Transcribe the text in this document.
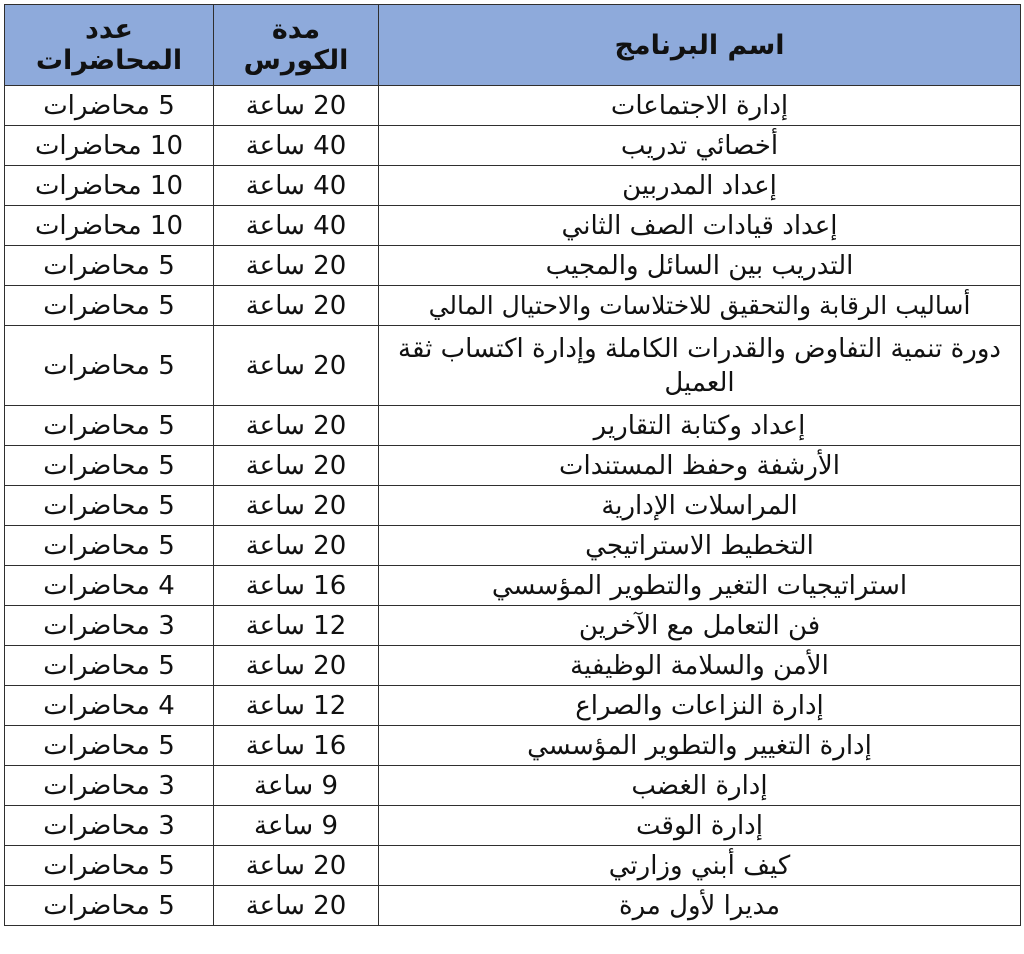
اسم البرنامج	مدة الكورس	عدد المحاضرات
إدارة الاجتماعات	20 ساعة	5 محاضرات
أخصائي تدريب	40 ساعة	10 محاضرات
إعداد المدربين	40 ساعة	10 محاضرات
إعداد قيادات الصف الثاني	40 ساعة	10 محاضرات
التدريب بين السائل والمجيب	20 ساعة	5 محاضرات
أساليب الرقابة والتحقيق للاختلاسات والاحتيال المالي	20 ساعة	5 محاضرات
دورة تنمية التفاوض والقدرات الكاملة وإدارة اكتساب ثقة العميل	20 ساعة	5 محاضرات
إعداد وكتابة التقارير	20 ساعة	5 محاضرات
الأرشفة وحفظ المستندات	20 ساعة	5 محاضرات
المراسلات الإدارية	20 ساعة	5 محاضرات
التخطيط الاستراتيجي	20 ساعة	5 محاضرات
استراتيجيات التغير والتطوير المؤسسي	16 ساعة	4 محاضرات
فن التعامل مع الآخرين	12 ساعة	3 محاضرات
الأمن والسلامة الوظيفية	20 ساعة	5 محاضرات
إدارة النزاعات والصراع	12 ساعة	4 محاضرات
إدارة التغيير والتطوير المؤسسي	16 ساعة	5 محاضرات
إدارة الغضب	9 ساعة	3 محاضرات
إدارة الوقت	9 ساعة	3 محاضرات
كيف أبني وزارتي	20 ساعة	5 محاضرات
مديرا لأول مرة	20 ساعة	5 محاضرات
